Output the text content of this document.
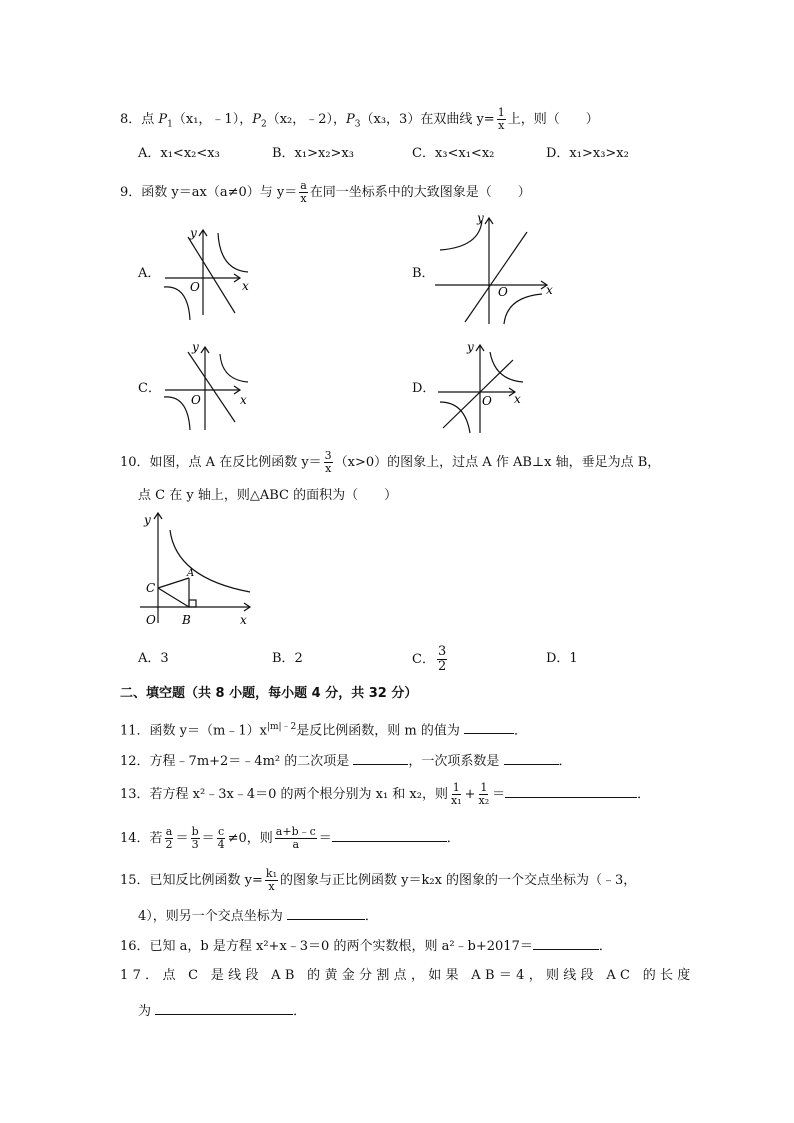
8．点 $P_1(x_1$，﹣1），$P_2(x_2$，﹣2），$P_3(x_3$，3）在双曲线 $y= \frac{1}{x}$ 上，则（　　）
A．x₁<x₂<x₃	B．x₁>x₂>x₃	C．x₃<x₁<x₂	D．x₁>x₃>x₂
9．函数 y＝ax（a≠0）与 $y= \frac{a}{x}$ 在同一坐标系中的大致图象是（　　）
A．	B．
C．	D．
y
x
O
y
x
O
y
x
O
y
x
O
10．如图，点 A 在反比例函数 $y= \frac{3}{x} (x>0)$的图象上，过点 A 作 AB⊥x 轴，垂足为点 B，
点 C 在 y 轴上，则△ABC 的面积为（　　）
y
x
O
A
B
C
A．3	B．2	C． $\frac{3}{2}$	D．1
二、填空题（共 8 小题，每小题 4 分，共 32 分）
11．函数 $y=(m﹣1)x^{|m|﹣2}$是反比例函数，则 m 的值为	．
12．方程﹣7m+2＝﹣4m² 的二次项是	，一次项系数是	．
13．若方程 x²﹣3x﹣4＝0 的两个根分别为 x₁ 和 x₂，则 $\frac{1}{\text{x₁}} + \frac{1}{\text{x₂}}$ ＝	．
14．若 $\frac{a}{2} = \frac{b}{3} = \frac{c}{4} \ne 0$，则 $\frac{a+b﹣c}{a}$ ＝	．
15．已知反比例函数 $y= \frac{\text{k₁}}{x}$ 的图象与正比例函数 y＝k₂x 的图象的一个交点坐标为（﹣3，
4），则另一个交点坐标为	．
16．已知 a，b 是方程 x²+x﹣3＝0 的两个实数根，则 a²﹣b+2017＝	．
17．点 C 是线段 AB 的黄金分割点，如果 AB＝4，则线段 AC 的长度
为	．
